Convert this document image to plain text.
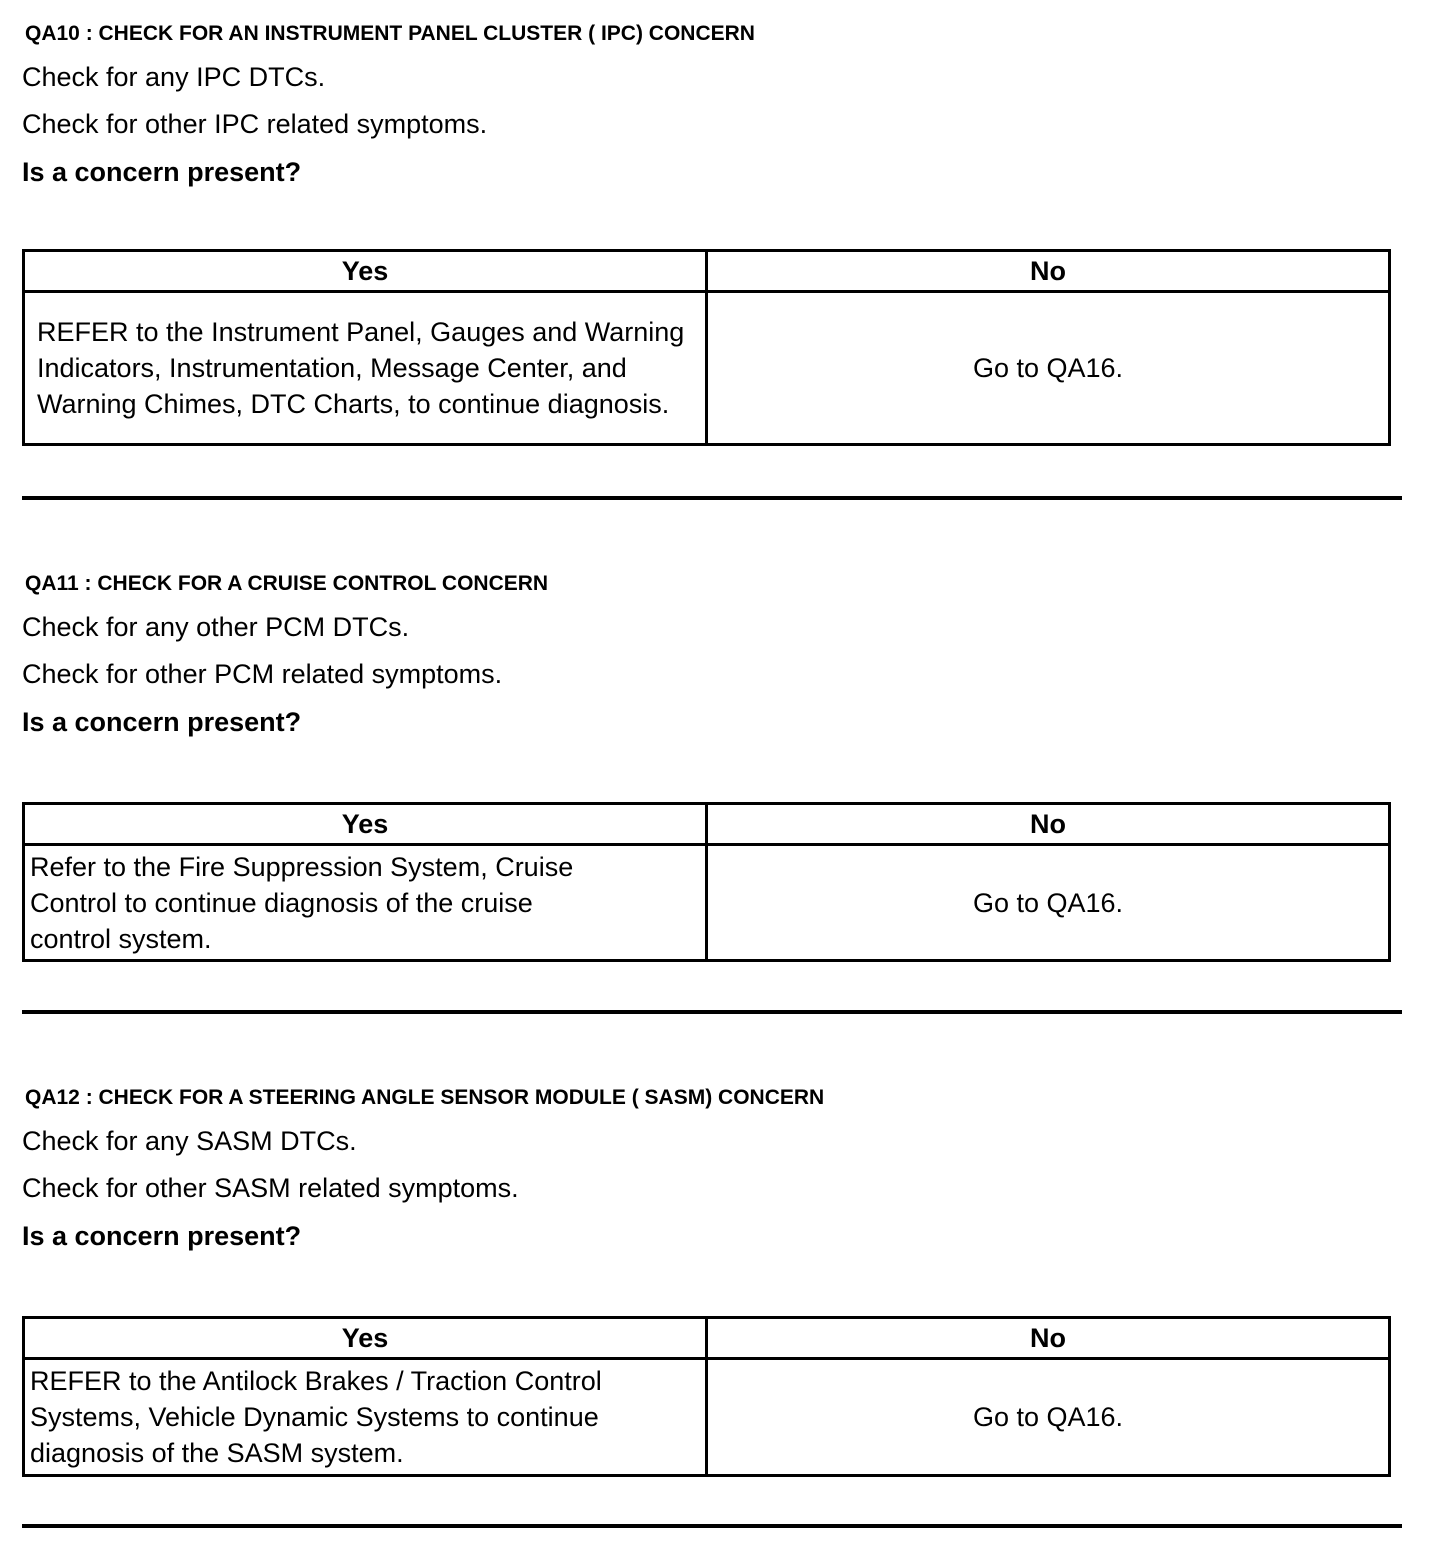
QA10 : CHECK FOR AN INSTRUMENT PANEL CLUSTER ( IPC) CONCERN
Check for any IPC DTCs.
Check for other IPC related symptoms.
Is a concern present?
Yes	No
REFER to the Instrument Panel, Gauges and Warning Indicators, Instrumentation, Message Center, and Warning Chimes, DTC Charts, to continue diagnosis.	Go to QA16.
QA11 : CHECK FOR A CRUISE CONTROL CONCERN
Check for any other PCM DTCs.
Check for other PCM related symptoms.
Is a concern present?
Yes	No
Refer to the Fire Suppression System, Cruise Control to continue diagnosis of the cruise control system.	Go to QA16.
QA12 : CHECK FOR A STEERING ANGLE SENSOR MODULE ( SASM) CONCERN
Check for any SASM DTCs.
Check for other SASM related symptoms.
Is a concern present?
Yes	No
REFER to the Antilock Brakes / Traction Control Systems, Vehicle Dynamic Systems to continue diagnosis of the SASM system.	Go to QA16.
